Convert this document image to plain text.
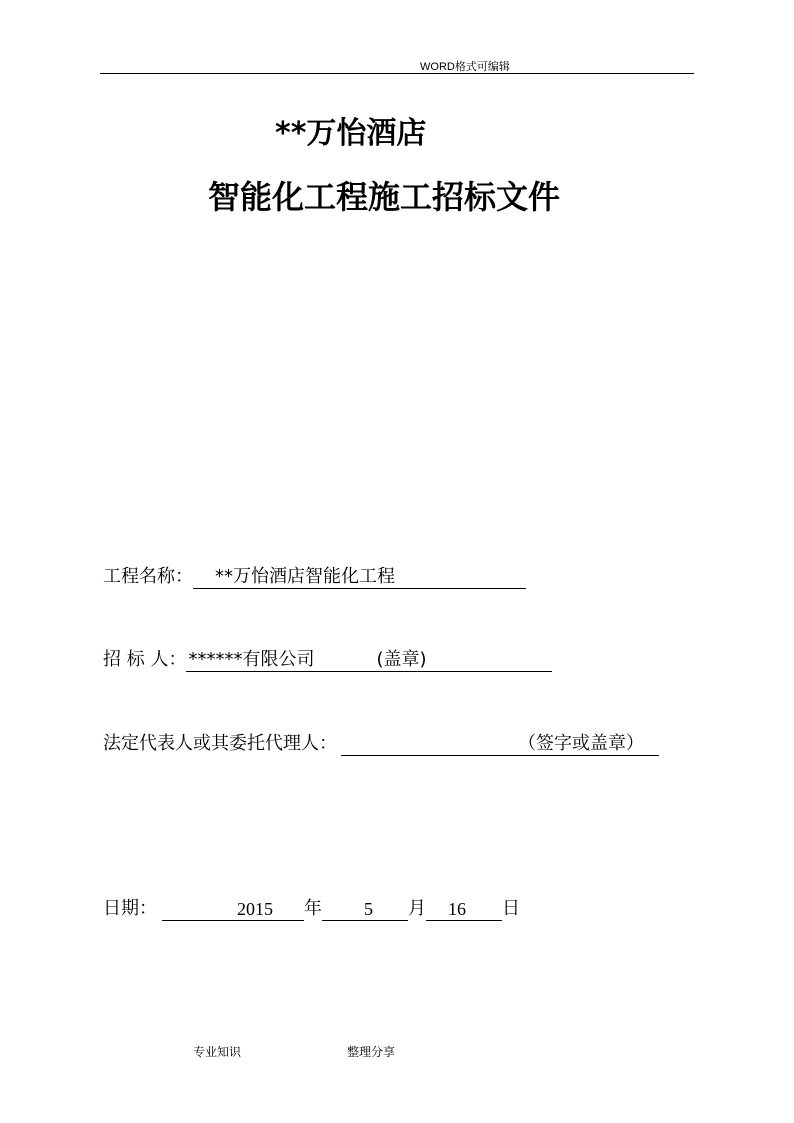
WORD格式可编辑
**万怡酒店
智能化工程施工招标文件
工程名称： **万怡酒店智能化工程
招 标 人： ******有限公司	(盖章)
法定代表人或其委托代理人：	（签字或盖章）
日期：	2015 年 5 月 16 日
专业知识	整理分享
